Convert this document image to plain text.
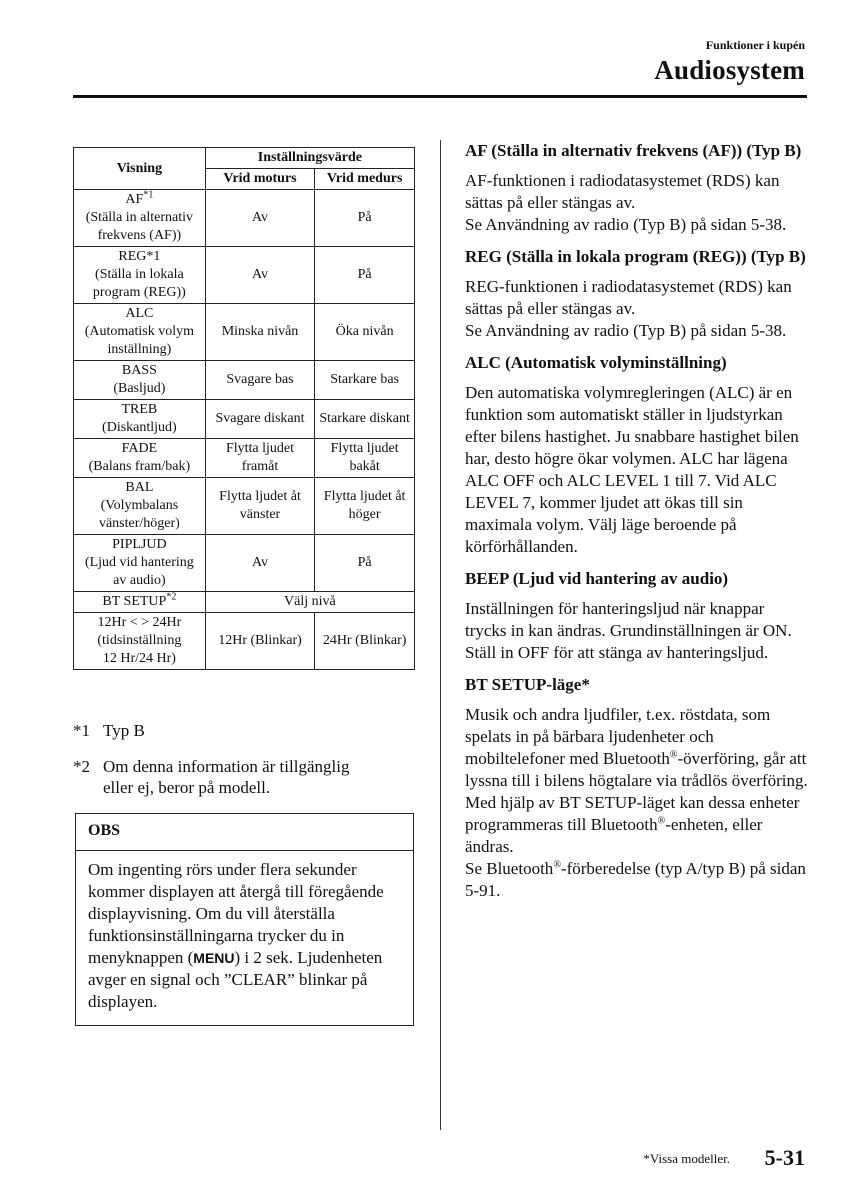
Funktioner i kupén
Audiosystem
Visning	Inställningsvärde	
	Vrid moturs	Vrid medurs

AF$^{*1}$
(Ställa in alternativ
frekvens (AF))	Av	På

REG*1
(Ställa in lokala
program (REG))	Av	På

ALC
(Automatisk volym
inställning)	Minska nivån	Öka nivån

BASS
(Basljud)	Svagare bas	Starkare bas

TREB
(Diskantljud)	Svagare diskant	Starkare diskant

FADE
(Balans fram/bak)	Flytta ljudet framåt	Flytta ljudet bakåt

BAL
(Volymbalans
vänster/höger)	Flytta ljudet åt vänster	Flytta ljudet åt höger

PIPLJUD
(Ljud vid hantering
av audio)	Av	På

BT SETUP$^{*2}$	Välj nivå	

12Hr < > 24Hr
(tidsinställning
12 Hr/24 Hr)	12Hr (Blinkar)	24Hr (Blinkar)
*1 Typ B
*2 Om denna information är tillgänglig
eller ej, beror på modell.
OBS
Om ingenting rörs under flera sekunder kommer displayen att återgå till föregående displayvisning. Om du vill återställa funktionsinställningarna trycker du in menyknappen (MENU) i 2 sek. Ljudenheten avger en signal och ”CLEAR” blinkar på displayen.
AF (Ställa in alternativ frekvens (AF)) (Typ B)

AF-funktionen i radiodatasystemet (RDS) kan sättas på eller stängas av.

Se Användning av radio (Typ B) på sidan 5-38.

REG (Ställa in lokala program (REG)) (Typ B)

REG-funktionen i radiodatasystemet (RDS) kan sättas på eller stängas av.

Se Användning av radio (Typ B) på sidan 5-38.

ALC (Automatisk volyminställning)

Den automatiska volymregleringen (ALC) är en funktion som automatiskt ställer in ljudstyrkan efter bilens hastighet. Ju snabbare hastighet bilen har, desto högre ökar volymen. ALC har lägena ALC OFF och ALC LEVEL 1 till 7. Vid ALC LEVEL 7, kommer ljudet att ökas till sin maximala volym. Välj läge beroende på körförhållanden.

BEEP (Ljud vid hantering av audio)

Inställningen för hanteringsljud när knappar trycks in kan ändras. Grundinställningen är ON. Ställ in OFF för att stänga av hanteringsljud.

BT SETUP-läge*

Musik och andra ljudfiler, t.ex. röstdata, som spelats in på bärbara ljudenheter och mobiltelefoner med Bluetooth®-överföring, går att lyssna till i bilens högtalare via trådlös överföring. Med hjälp av BT SETUP-läget kan dessa enheter programmeras till Bluetooth®-enheten, eller ändras.

Se Bluetooth®-förberedelse (typ A/typ B) på sidan 5-91.

*Vissa modeller. 5-31
